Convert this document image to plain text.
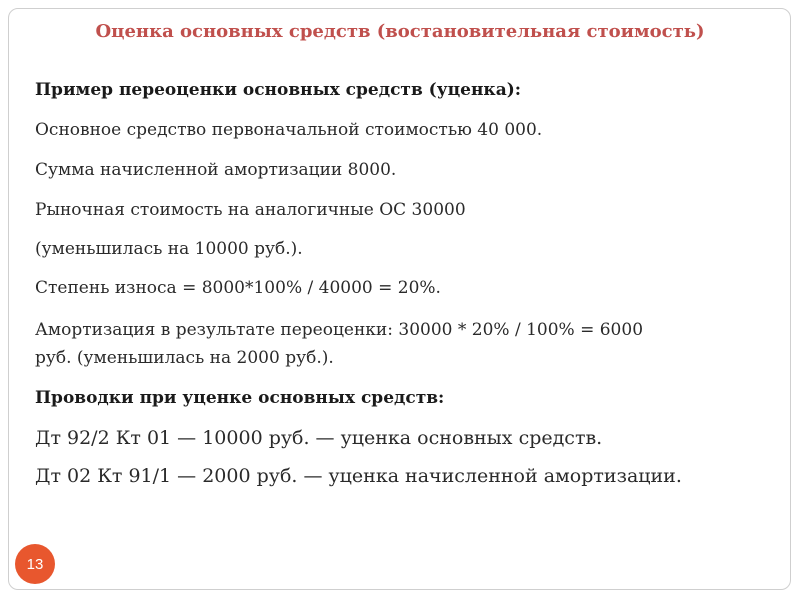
Оценка основных средств (востановительная стоимость)

Пример переоценки основных средств (уценка):

Основное средство первоначальной стоимостью 40 000.

Сумма начисленной амортизации 8000.

Рыночная стоимость на аналогичные ОС 30000

(уменьшилась на 10000 руб.).

Степень износа = 8000*100% / 40000 = 20%.

Амортизация в результате переоценки: 30000 * 20% / 100% = 6000

руб. (уменьшилась на 2000 руб.).

Проводки при уценке основных средств:

Дт 92/2 Кт 01 — 10000 руб. — уценка основных средств.

Дт 02 Кт 91/1 — 2000 руб. — уценка начисленной амортизации.

13
